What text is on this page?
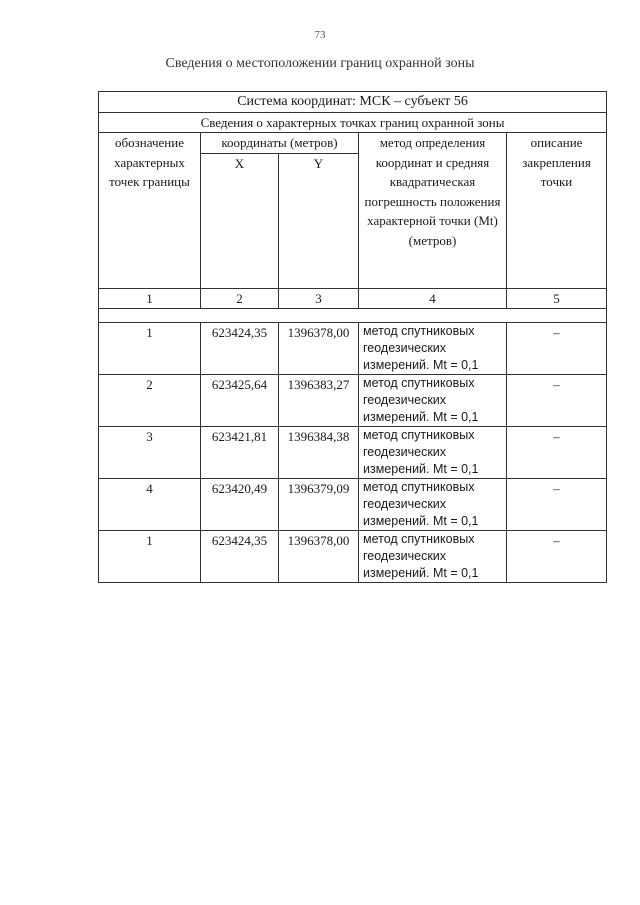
73
Сведения о местоположении границ охранной зоны
Система координат: МСК – субъект 56				
Сведения о характерных точках границ охранной зоны				
обозначение характерных точек границы	координаты (метров)		метод определения координат и средняя квадратическая погрешность положения характерной точки (Mt) (метров)	описание закрепления точки
	X	Y		
1	2	3	4	5

1	623424,35	1396378,00	метод спутниковых геодезических измерений. Mt = 0,1	–
2	623425,64	1396383,27	метод спутниковых геодезических измерений. Mt = 0,1	–
3	623421,81	1396384,38	метод спутниковых геодезических измерений. Mt = 0,1	–
4	623420,49	1396379,09	метод спутниковых геодезических измерений. Mt = 0,1	–
1	623424,35	1396378,00	метод спутниковых геодезических измерений. Mt = 0,1	–
